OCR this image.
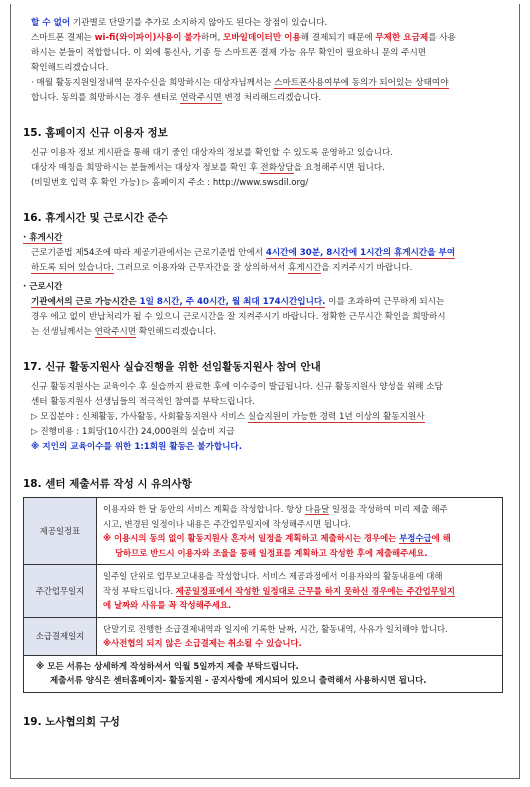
할 수 없어 기관별로 단말기를 추가로 소지하지 않아도 된다는 장점이 있습니다.

스마트폰 결제는 wi-fi(와이파이)사용이 불가하며, 모바일데이터만 이용해 결제되기 때문에 무제한 요금제를 사용

하시는 분들이 적합합니다. 이 외에 통신사, 기종 등 스마트폰 결제 가능 유무 확인이 필요하니 문의 주시면

확인해드리겠습니다.

· 매월 활동지원일정내역 문자수신을 희망하시는 대상자님께서는 스마트폰사용여부에 동의가 되어있는 상태여야

합니다. 동의를 희망하시는 경우 센터로 연락주시면 변경 처리해드리겠습니다.

15. 홈페이지 신규 이용자 정보

신규 이용자 정보 게시판을 통해 대기 중인 대상자의 정보를 확인할 수 있도록 운영하고 있습니다.

대상자 매칭을 희망하시는 분들께서는 대상자 정보를 확인 후 전화상담을 요청해주시면 됩니다.

(비밀번호 입력 후 확인 가능) ▷ 홈페이지 주소 : http://www.swsdil.org/

16. 휴게시간 및 근로시간 준수

· 휴게시간

근로기준법 제54조에 따라 제공기관에서는 근로기준법 안에서 4시간에 30분, 8시간에 1시간의 휴게시간을 부여

하도록 되어 있습니다. 그러므로 이용자와 근무자간을 잘 상의하셔서 휴게시간을 지켜주시기 바랍니다.

· 근로시간

기관에서의 근로 가능시간은 1일 8시간, 주 40시간, 월 최대 174시간입니다. 이를 초과하여 근무하게 되시는

경우 에고 없이 반납처리가 될 수 있으니 근로시간을 잘 지켜주시기 바랍니다. 정확한 근무시간 확인을 희망하시

는 선생님께서는 연락주시면 확인해드리겠습니다.

17. 신규 활동지원사 실습진행을 위한 선임활동지원사 참여 안내

신규 활동지원사는 교육이수 후 실습까지 완료한 후에 이수증이 발급됩니다. 신규 활동지원사 양성을 위해 소담

센터 활동지원사 선생님들의 적극적인 참여를 부탁드립니다.

▷ 모집분야 : 신체활동, 가사활동, 사회활동지원사 서비스 실습지원이 가능한 경력 1년 이상의 활동지원사

▷ 진행비용 : 1회당(10시간) 24,000원의 실습비 지급

※ 지인의 교육이수를 위한 1:1회원 활동은 불가합니다.

18. 센터 제출서류 작성 시 유의사항
제공일정표	이용자와 한 달 동안의 서비스 계획을 작성합니다. 항상 다음달 일정을 작성하여 미리 제출 해주
시고, 변경된 일정이나 내용은 주간업무일지에 작성해주시면 됩니다.
※ 이용시의 동의 없이 활동지원사 혼자서 일정을 계획하고 제출하시는 경우에는 부정수급에 해
당하므로 반드시 이용자와 조율을 통해 일정표를 계획하고 작성한 후에 제출해주세요.

주간업무일지	일주일 단위로 업무보고내용을 작성합니다. 서비스 제공과정에서 이용자와의 활동내용에 대해
작성 부탁드립니다. 제공일정표에서 작성한 일정대로 근무를 하지 못하신 경우에는 주간업무일지
에 날짜와 사유를 꼭 작성해주세요.

소급결제일지	단말기로 진행한 소급결제내역과 일지에 기록한 날짜, 시간, 활동내역, 사유가 일치해야 합니다.
※사전협의 되지 않은 소급결제는 취소될 수 있습니다.

※ 모든 서류는 상세하게 작성하셔서 익월 5일까지 제출 부탁드립니다.
제출서류 양식은 센터홈페이지- 활동지원 - 공지사항에 게시되어 있으니 출력해서 사용하시면 됩니다.	
19. 노사협의회 구성
